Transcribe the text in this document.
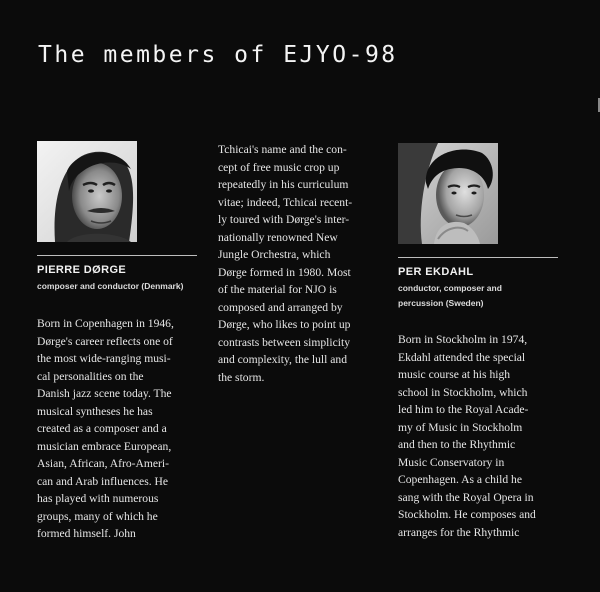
The members of EJYO-98
PIERRE DØRGE
composer and conductor (Denmark)
Born in Copenhagen in 1946,
Dørge's career reflects one of
the most wide-ranging musi-
cal personalities on the
Danish jazz scene today. The
musical syntheses he has
created as a composer and a
musician embrace European,
Asian, African, Afro-Ameri-
can and Arab influences. He
has played with numerous
groups, many of which he
formed himself. John
Tchicai's name and the con-
cept of free music crop up
repeatedly in his curriculum
vitae; indeed, Tchicai recent-
ly toured with Dørge's inter-
nationally renowned New
Jungle Orchestra, which
Dørge formed in 1980. Most
of the material for NJO is
composed and arranged by
Dørge, who likes to point up
contrasts between simplicity
and complexity, the lull and
the storm.
PER EKDAHL
conductor, composer and
percussion (Sweden)
Born in Stockholm in 1974,
Ekdahl attended the special
music course at his high
school in Stockholm, which
led him to the Royal Acade-
my of Music in Stockholm
and then to the Rhythmic
Music Conservatory in
Copenhagen. As a child he
sang with the Royal Opera in
Stockholm. He composes and
arranges for the Rhythmic
